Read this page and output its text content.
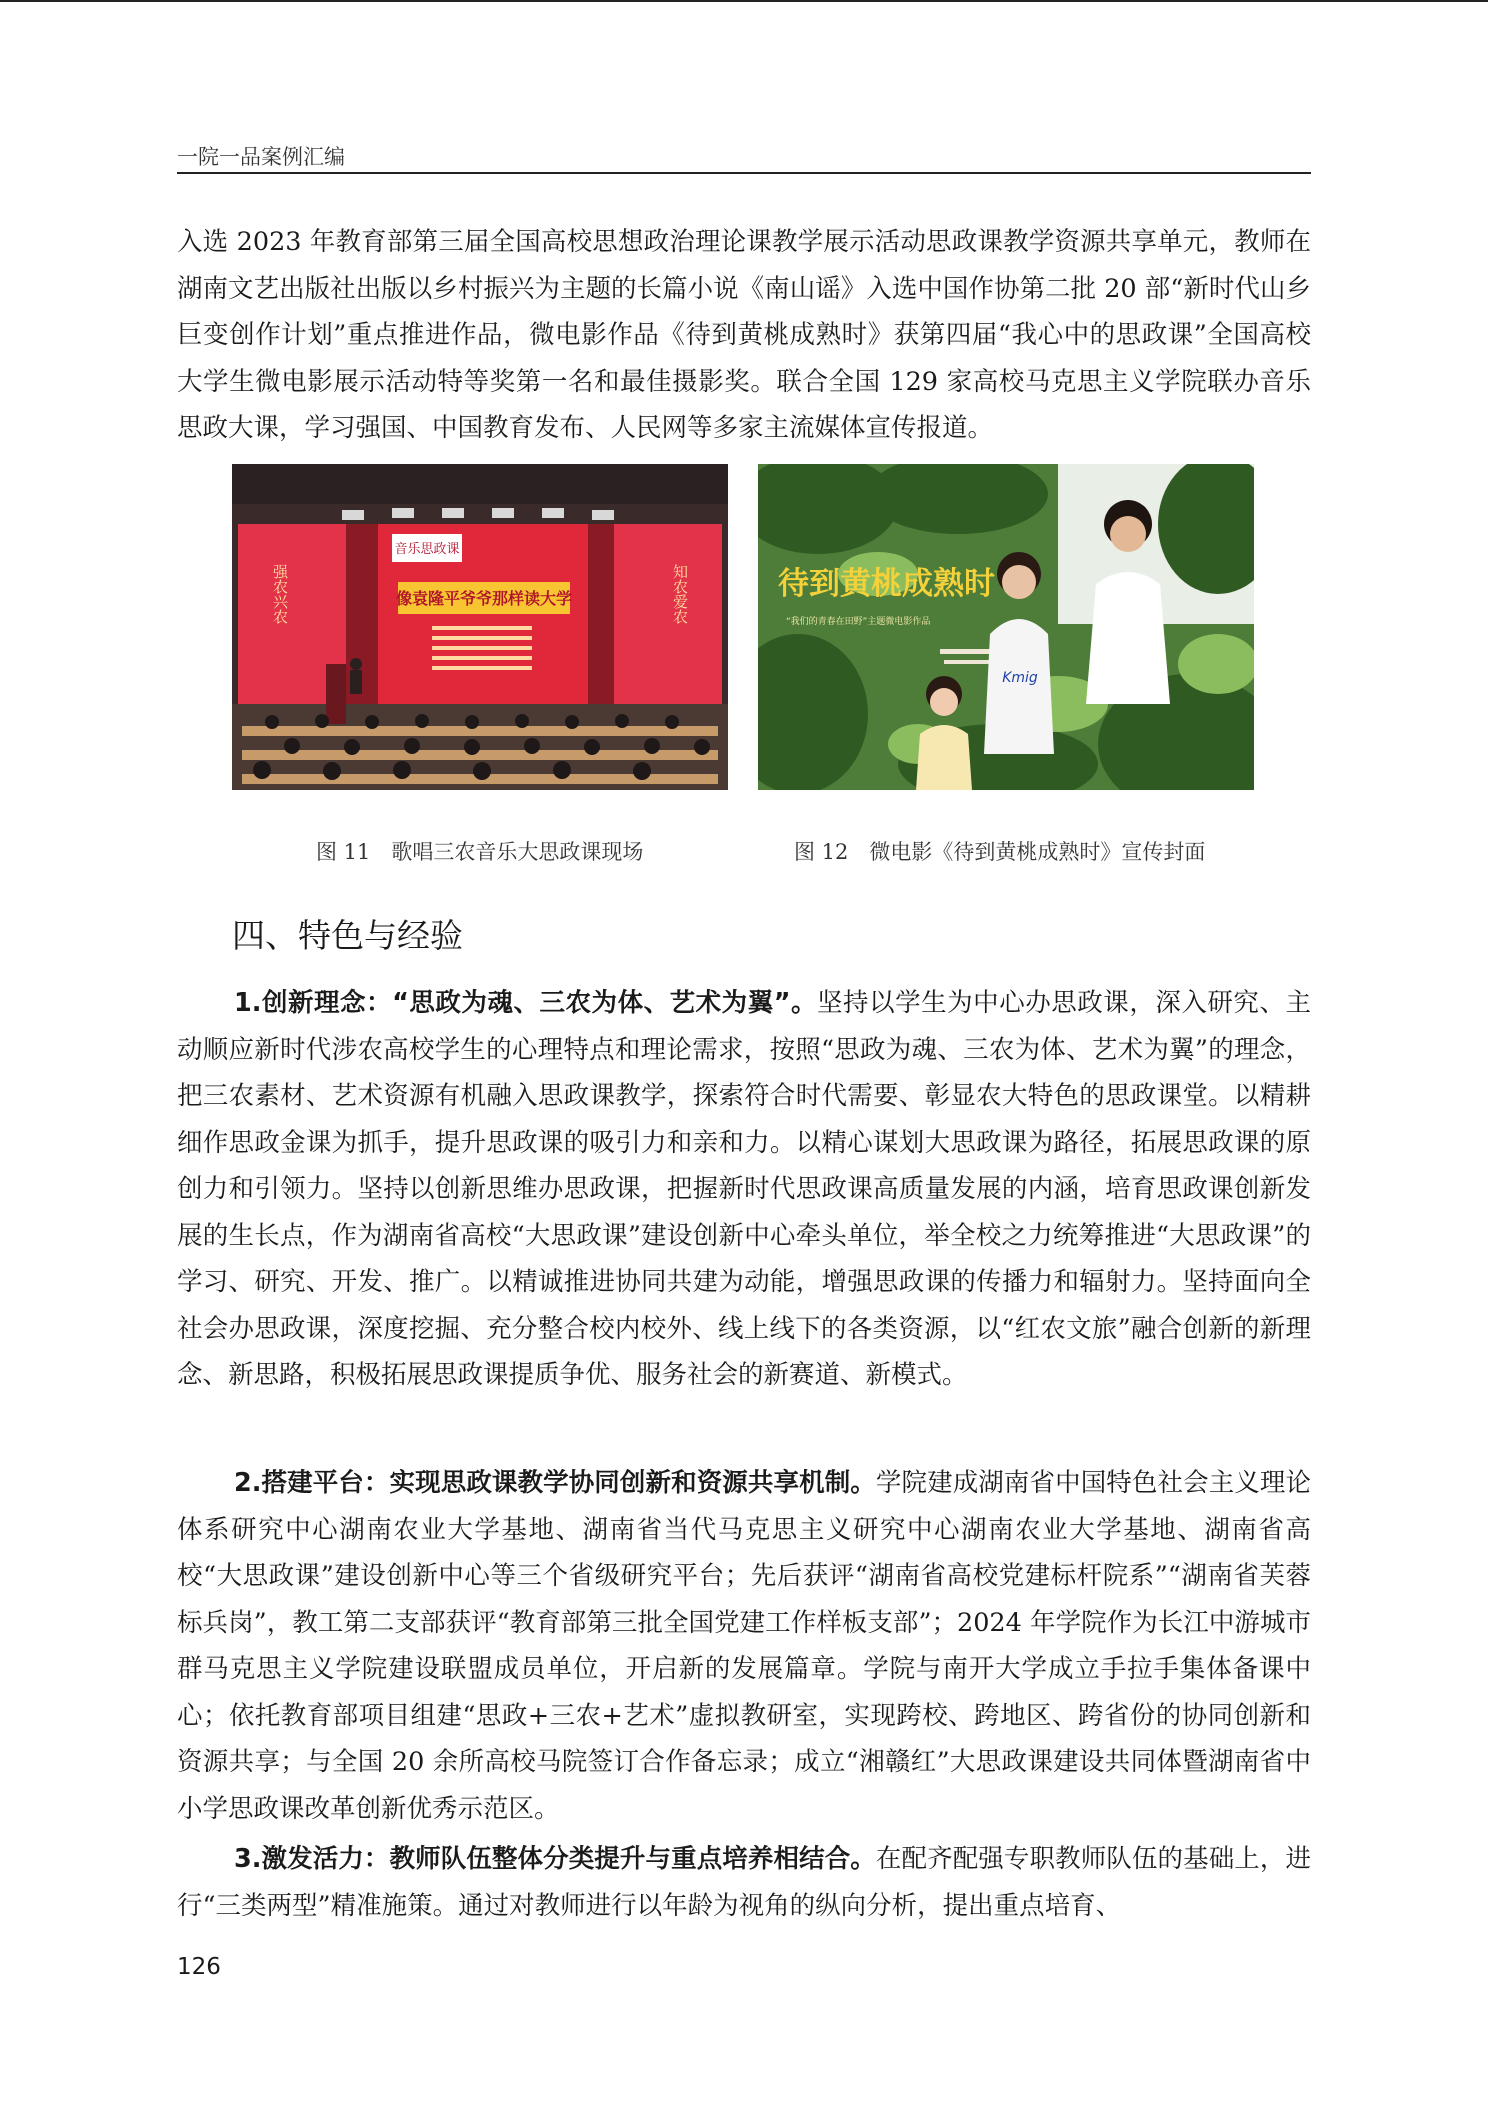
一院一品案例汇编

入选 2023 年教育部第三届全国高校思想政治理论课教学展示活动思政课教学资源共享单元，教师在湖南文艺出版社出版以乡村振兴为主题的长篇小说《南山谣》入选中国作协第二批 20 部“新时代山乡巨变创作计划”重点推进作品，微电影作品《待到黄桃成熟时》获第四届“我心中的思政课”全国高校大学生微电影展示活动特等奖第一名和最佳摄影奖。联合全国 129 家高校马克思主义学院联办音乐思政大课，学习强国、中国教育发布、人民网等多家主流媒体宣传报道。

音乐思政课
像袁隆平爷爷那样读大学
强农兴农	知农爱农	待到黄桃成熟时
“我们的青春在田野”主题微电影作品
Kmig
图 11　歌唱三农音乐大思政课现场	图 12　微电影《待到黄桃成熟时》宣传封面
四、特色与经验

1.创新理念：“思政为魂、三农为体、艺术为翼”。坚持以学生为中心办思政课，深入研究、主动顺应新时代涉农高校学生的心理特点和理论需求，按照“思政为魂、三农为体、艺术为翼”的理念，把三农素材、艺术资源有机融入思政课教学，探索符合时代需要、彰显农大特色的思政课堂。以精耕细作思政金课为抓手，提升思政课的吸引力和亲和力。以精心谋划大思政课为路径，拓展思政课的原创力和引领力。坚持以创新思维办思政课，把握新时代思政课高质量发展的内涵，培育思政课创新发展的生长点，作为湖南省高校“大思政课”建设创新中心牵头单位，举全校之力统筹推进“大思政课”的学习、研究、开发、推广。以精诚推进协同共建为动能，增强思政课的传播力和辐射力。坚持面向全社会办思政课，深度挖掘、充分整合校内校外、线上线下的各类资源，以“红农文旅”融合创新的新理念、新思路，积极拓展思政课提质争优、服务社会的新赛道、新模式。

2.搭建平台：实现思政课教学协同创新和资源共享机制。学院建成湖南省中国特色社会主义理论体系研究中心湖南农业大学基地、湖南省当代马克思主义研究中心湖南农业大学基地、湖南省高校“大思政课”建设创新中心等三个省级研究平台；先后获评“湖南省高校党建标杆院系”“湖南省芙蓉标兵岗”，教工第二支部获评“教育部第三批全国党建工作样板支部”；2024 年学院作为长江中游城市群马克思主义学院建设联盟成员单位，开启新的发展篇章。学院与南开大学成立手拉手集体备课中心；依托教育部项目组建“思政+三农+艺术”虚拟教研室，实现跨校、跨地区、跨省份的协同创新和资源共享；与全国 20 余所高校马院签订合作备忘录；成立“湘赣红”大思政课建设共同体暨湖南省中小学思政课改革创新优秀示范区。

3.激发活力：教师队伍整体分类提升与重点培养相结合。在配齐配强专职教师队伍的基础上，进行“三类两型”精准施策。通过对教师进行以年龄为视角的纵向分析，提出重点培育、

126
